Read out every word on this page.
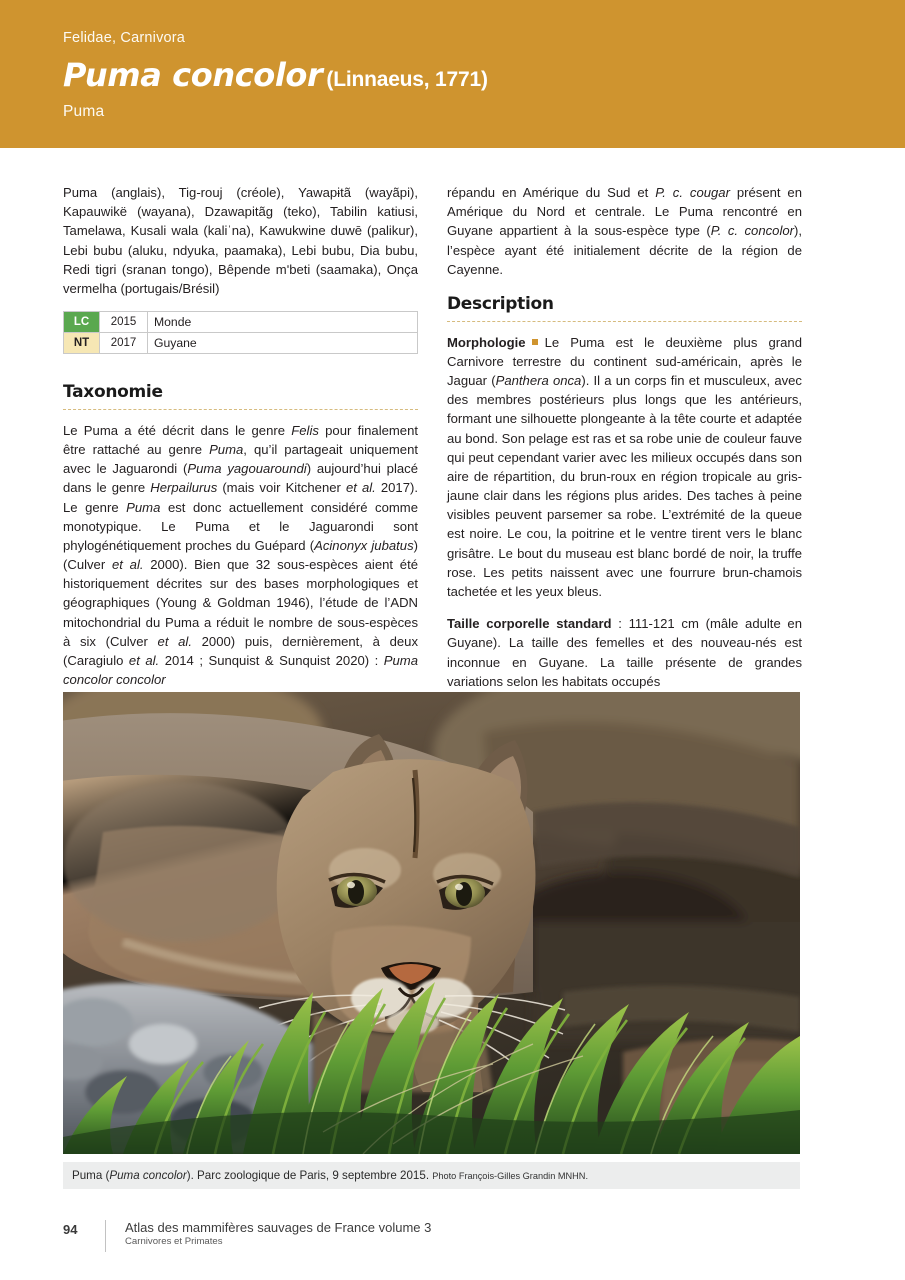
Felidae, Carnivora
Puma concolor (Linnaeus, 1771)
Puma

Puma (anglais), Tig-rouj (créole), Yawapɨtã (wayãpi), Kapauwikë (wayana), Dzawapitãg (teko), Tabilin katiusi, Tamelawa, Kusali wala (kaliˈna), Kawukwine duwē (palikur), Lebi bubu (aluku, ndyuka, paamaka), Lebi bubu, Dia bubu, Redi tigri (sranan tongo), Bêpende mʹbeti (saamaka), Onça vermelha (portugais/Brésil)

LC	2015	Monde
NT	2017	Guyane
Taxonomie

Le Puma a été décrit dans le genre Felis pour finalement être rattaché au genre Puma, qu’il partageait uniquement avec le Jaguarondi (Puma yagouaroundi) aujourd’hui placé dans le genre Herpailurus (mais voir Kitchener et al. 2017). Le genre Puma est donc actuellement considéré comme monotypique. Le Puma et le Jaguarondi sont phylogénétiquement proches du Guépard (Acinonyx jubatus) (Culver et al. 2000). Bien que 32 sous-espèces aient été historiquement décrites sur des bases morphologiques et géographiques (Young & Goldman 1946), l’étude de l’ADN mitochondrial du Puma a réduit le nombre de sous-espèces à six (Culver et al. 2000) puis, dernièrement, à deux (Caragiulo et al. 2014 ; Sunquist & Sunquist 2020) : Puma concolor concolor

répandu en Amérique du Sud et P. c. cougar présent en Amérique du Nord et centrale. Le Puma rencontré en Guyane appartient à la sous-espèce type (P. c. concolor), l’espèce ayant été initialement décrite de la région de Cayenne.

Description

Morphologie Le Puma est le deuxième plus grand Carnivore terrestre du continent sud-américain, après le Jaguar (Panthera onca). Il a un corps fin et musculeux, avec des membres postérieurs plus longs que les antérieurs, formant une silhouette plongeante à la tête courte et adaptée au bond. Son pelage est ras et sa robe unie de couleur fauve qui peut cependant varier avec les milieux occupés dans son aire de répartition, du brun-roux en région tropicale au gris-jaune clair dans les régions plus arides. Des taches à peine visibles peuvent parsemer sa robe. L’extrémité de la queue est noire. Le cou, la poitrine et le ventre tirent vers le blanc grisâtre. Le bout du museau est blanc bordé de noir, la truffe rose. Les petits naissent avec une fourrure brun-chamois tachetée et les yeux bleus.

Taille corporelle standard : 111-121 cm (mâle adulte en Guyane). La taille des femelles et des nouveau-nés est inconnue en Guyane. La taille présente de grandes variations selon les habitats occupés

Puma (Puma concolor). Parc zoologique de Paris, 9 septembre 2015. Photo François-Gilles Grandin MNHN.
94	Atlas des mammifères sauvages de France volume 3
Carnivores et Primates
